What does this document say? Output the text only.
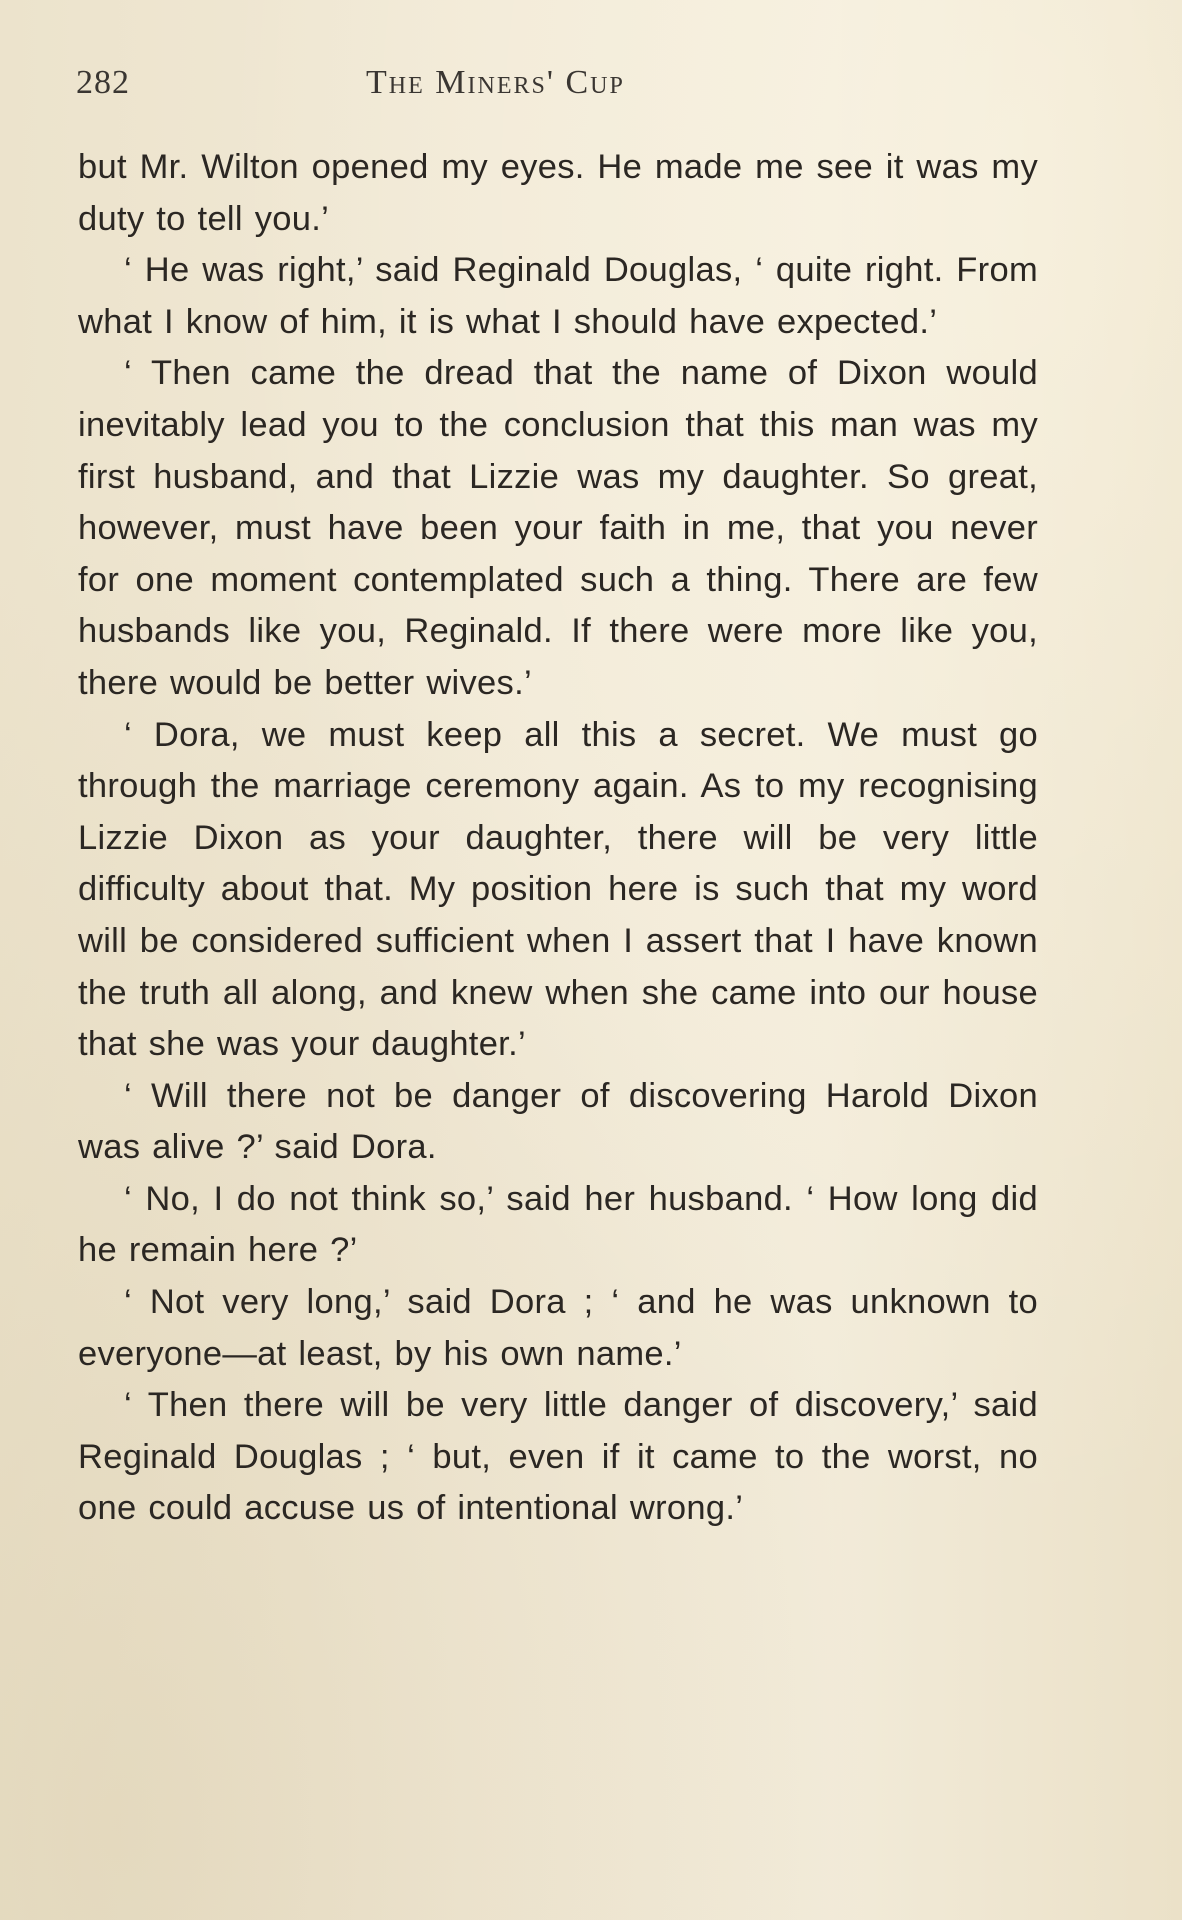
282	The Miners' Cup

but Mr. Wilton opened my eyes. He made me see it was my duty to tell you.’

‘ He was right,’ said Reginald Douglas, ‘ quite right. From what I know of him, it is what I should have expected.’

‘ Then came the dread that the name of Dixon would inevitably lead you to the conclusion that this man was my first husband, and that Lizzie was my daughter. So great, however, must have been your faith in me, that you never for one moment contemplated such a thing. There are few husbands like you, Reginald. If there were more like you, there would be better wives.’

‘ Dora, we must keep all this a secret. We must go through the marriage ceremony again. As to my recognising Lizzie Dixon as your daughter, there will be very little difficulty about that. My position here is such that my word will be considered sufficient when I assert that I have known the truth all along, and knew when she came into our house that she was your daughter.’

‘ Will there not be danger of discovering Harold Dixon was alive ?’ said Dora.

‘ No, I do not think so,’ said her husband. ‘ How long did he remain here ?’

‘ Not very long,’ said Dora ; ‘ and he was unknown to everyone—at least, by his own name.’

‘ Then there will be very little danger of discovery,’ said Reginald Douglas ; ‘ but, even if it came to the worst, no one could accuse us of intentional wrong.’
